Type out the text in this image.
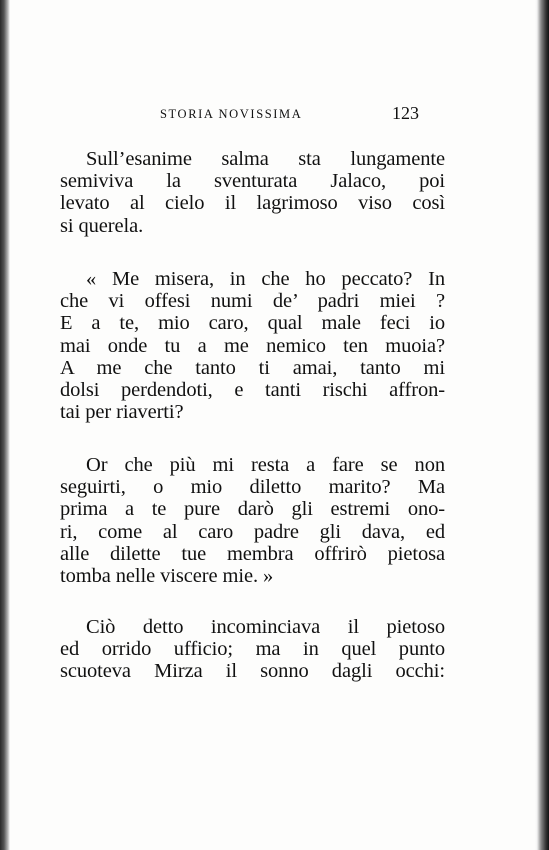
STORIA NOVISSIMA	123
Sull’esanime salma sta lungamente
semiviva la sventurata Jalaco, poi
levato al cielo il lagrimoso viso così
si querela.
« Me misera, in che ho peccato? In
che vi offesi numi de’ padri miei ?
E a te, mio caro, qual male feci io
mai onde tu a me nemico ten muoia?
A me che tanto ti amai, tanto mi
dolsi perdendoti, e tanti rischi affron-
tai per riaverti?
Or che più mi resta a fare se non
seguirti, o mio diletto marito? Ma
prima a te pure darò gli estremi ono-
ri, come al caro padre gli dava, ed
alle dilette tue membra offrirò pietosa
tomba nelle viscere mie. »
Ciò detto incominciava il pietoso
ed orrido ufficio; ma in quel punto
scuoteva Mirza il sonno dagli occhi:
